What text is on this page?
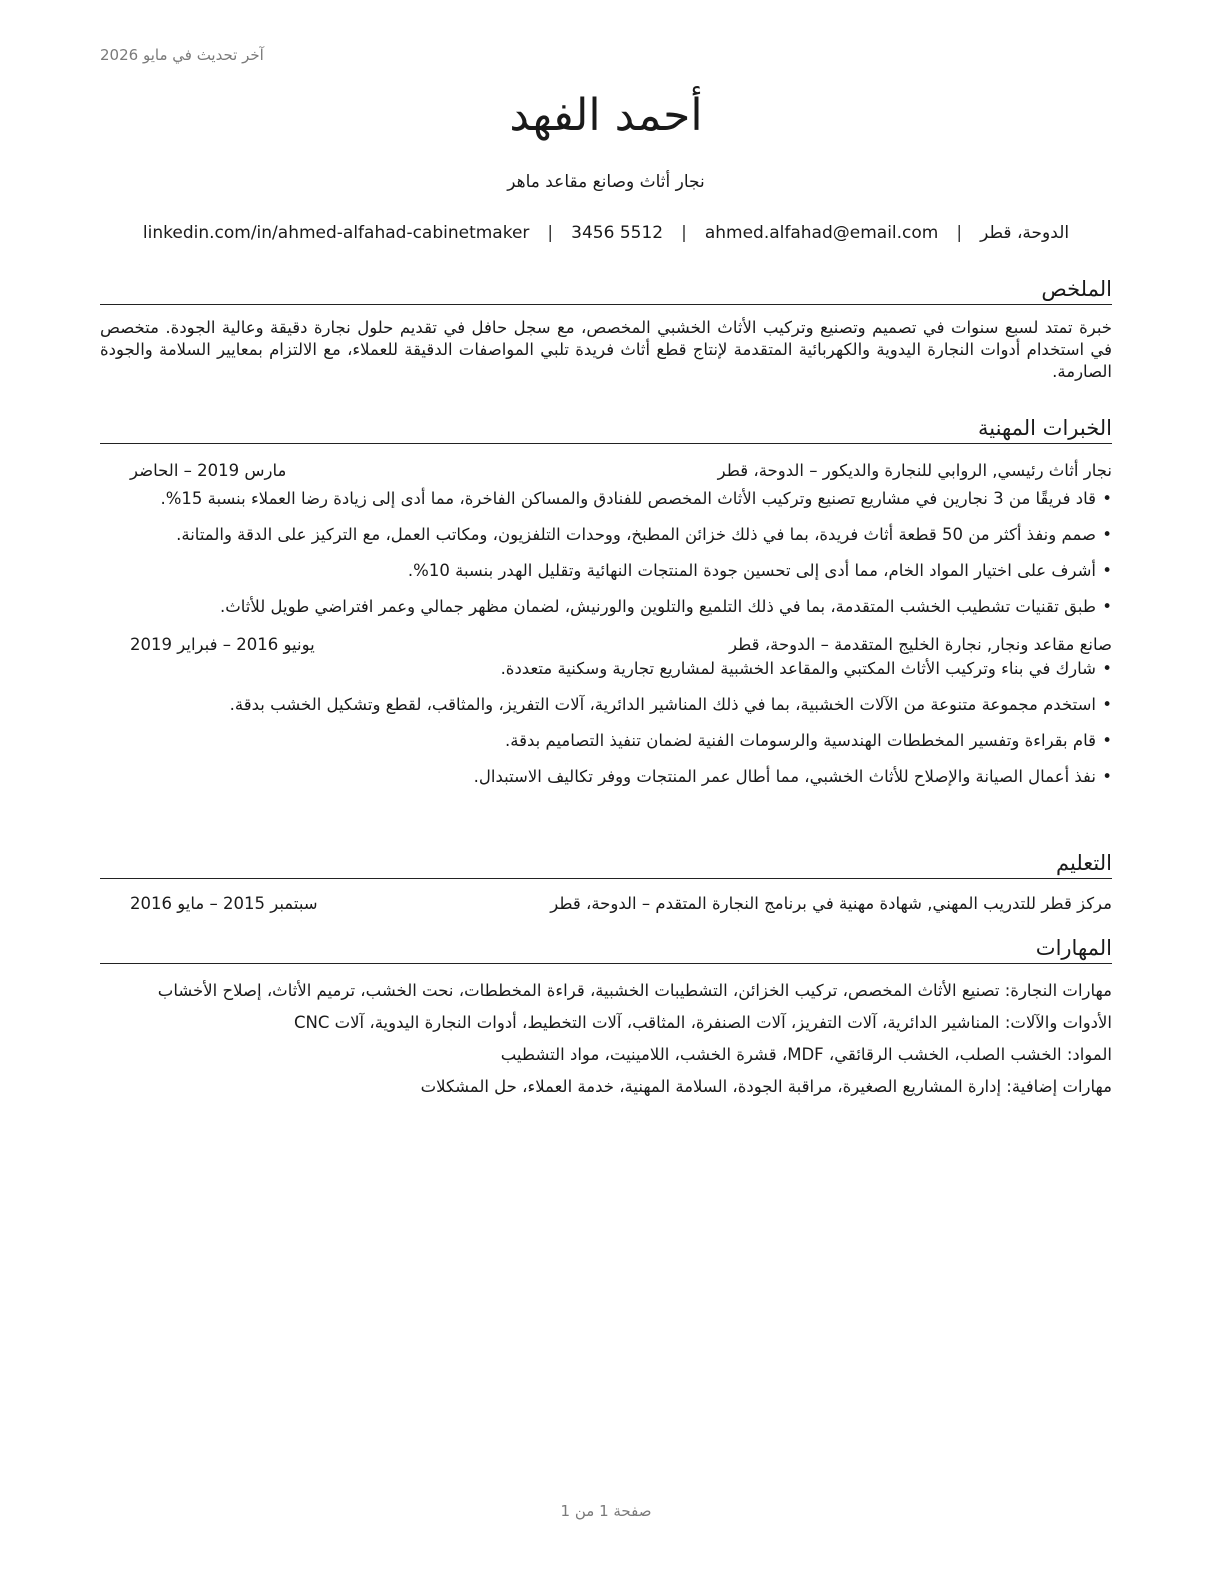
آخر تحديث في مايو 2026
أحمد الفهد
نجار أثاث وصانع مقاعد ماهر
الدوحة، قطر
|
ahmed.alfahad@email.com
|
3456 5512
|
linkedin.com/in/ahmed-alfahad-cabinetmaker
الملخص

خبرة تمتد لسبع سنوات في تصميم وتصنيع وتركيب الأثاث الخشبي المخصص، مع سجل حافل في تقديم حلول نجارة دقيقة وعالية الجودة. متخصص في استخدام أدوات النجارة اليدوية والكهربائية المتقدمة لإنتاج قطع أثاث فريدة تلبي المواصفات الدقيقة للعملاء، مع الالتزام بمعايير السلامة والجودة الصارمة.

الخبرات المهنية
نجار أثاث رئيسي, الروابي للنجارة والديكور – الدوحة، قطر
مارس 2019 – الحاضر
• قاد فريقًا من 3 نجارين في مشاريع تصنيع وتركيب الأثاث المخصص للفنادق والمساكن الفاخرة، مما أدى إلى زيادة رضا العملاء بنسبة 15%.
• صمم ونفذ أكثر من 50 قطعة أثاث فريدة، بما في ذلك خزائن المطبخ، ووحدات التلفزيون، ومكاتب العمل، مع التركيز على الدقة والمتانة.
• أشرف على اختيار المواد الخام، مما أدى إلى تحسين جودة المنتجات النهائية وتقليل الهدر بنسبة 10%.
• طبق تقنيات تشطيب الخشب المتقدمة، بما في ذلك التلميع والتلوين والورنيش، لضمان مظهر جمالي وعمر افتراضي طويل للأثاث.
صانع مقاعد ونجار, نجارة الخليج المتقدمة – الدوحة، قطر
يونيو 2016 – فبراير 2019
• شارك في بناء وتركيب الأثاث المكتبي والمقاعد الخشبية لمشاريع تجارية وسكنية متعددة.
• استخدم مجموعة متنوعة من الآلات الخشبية، بما في ذلك المناشير الدائرية، آلات التفريز، والمثاقب، لقطع وتشكيل الخشب بدقة.
• قام بقراءة وتفسير المخططات الهندسية والرسومات الفنية لضمان تنفيذ التصاميم بدقة.
• نفذ أعمال الصيانة والإصلاح للأثاث الخشبي، مما أطال عمر المنتجات ووفر تكاليف الاستبدال.
التعليم
مركز قطر للتدريب المهني, شهادة مهنية في برنامج النجارة المتقدم – الدوحة، قطر
سبتمبر 2015 – مايو 2016
المهارات
مهارات النجارة: تصنيع الأثاث المخصص، تركيب الخزائن، التشطيبات الخشبية، قراءة المخططات، نحت الخشب، ترميم الأثاث، إصلاح الأخشاب
الأدوات والآلات: المناشير الدائرية، آلات التفريز، آلات الصنفرة، المثاقب، آلات التخطيط، أدوات النجارة اليدوية، آلات CNC
المواد: الخشب الصلب، الخشب الرقائقي، MDF، قشرة الخشب، اللامينيت، مواد التشطيب
مهارات إضافية: إدارة المشاريع الصغيرة، مراقبة الجودة، السلامة المهنية، خدمة العملاء، حل المشكلات
صفحة 1 من 1
